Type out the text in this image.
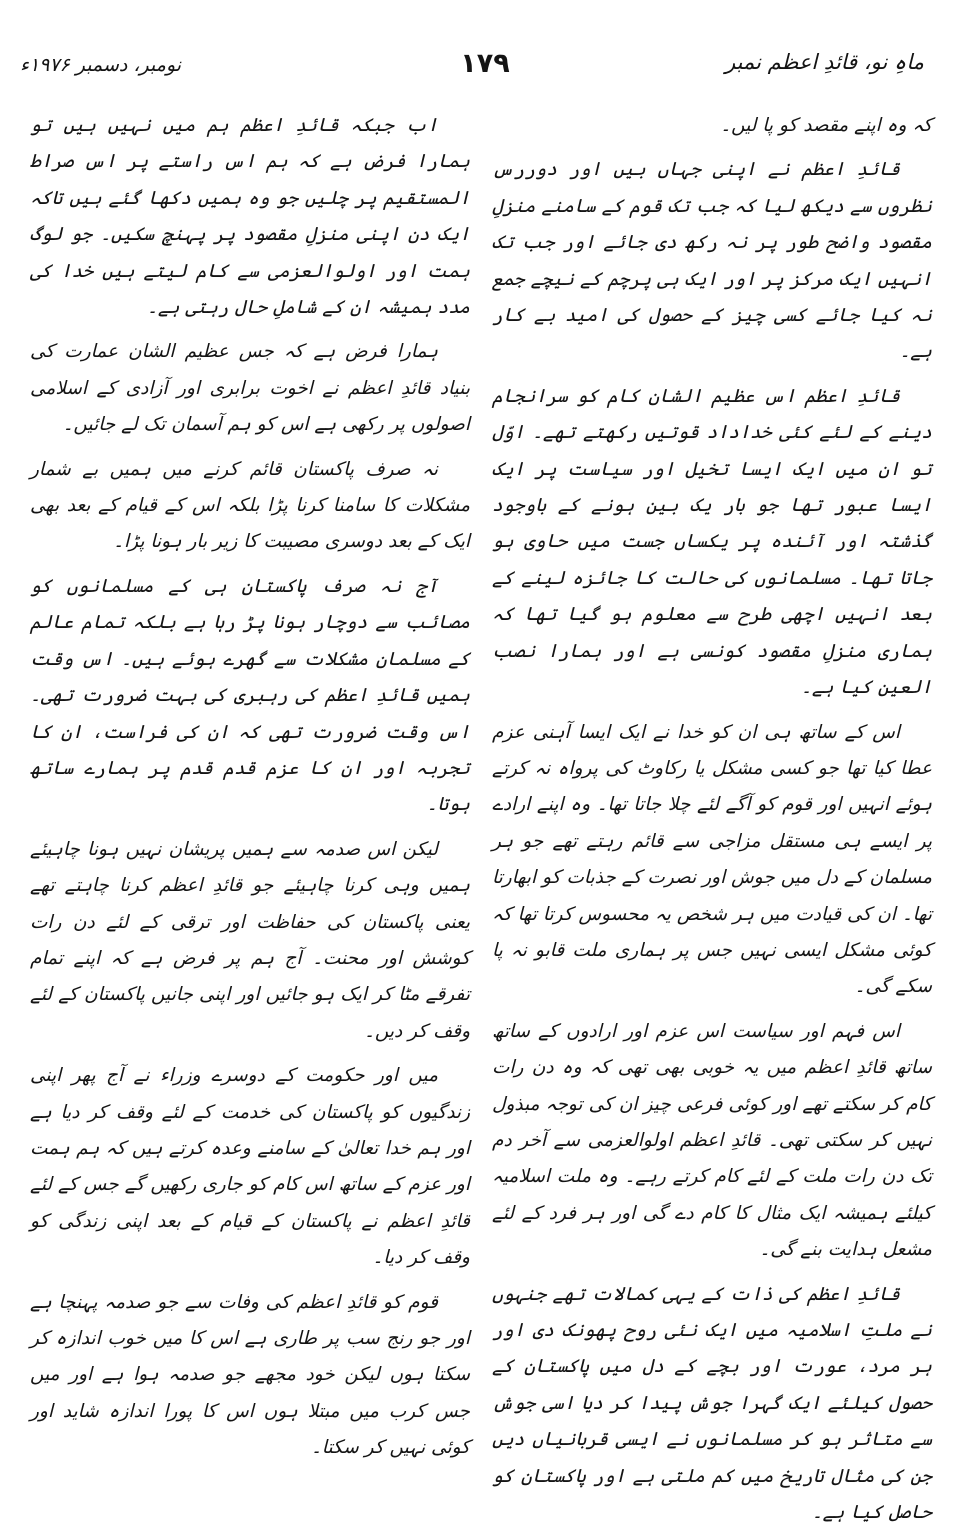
نومبر، دسمبر ۱۹۷۶ء	۱۷۹	ماہِ نو، قائدِ اعظم نمبر

کہ وہ اپنے مقصد کو پا لیں۔

قائدِ اعظم نے اپنی جہاں بیں اور دوررس نظروں سے دیکھ لیا کہ جب تک قوم کے سامنے منزلِ مقصود واضح طور پر نہ رکھ دی جائے اور جب تک انہیں ایک مرکز پر اور ایک ہی پرچم کے نیچے جمع نہ کیا جائے کسی چیز کے حصول کی امید بے کار ہے۔

قائدِ اعظم اس عظیم الشان کام کو سرانجام دینے کے لئے کئی خداداد قوتیں رکھتے تھے۔ اوّل تو ان میں ایک ایسا تخیل اور سیاست پر ایک ایسا عبور تھا جو بار یک بین ہونے کے باوجود گذشتہ اور آئندہ پر یکساں جست میں حاوی ہو جاتا تھا۔ مسلمانوں کی حالت کا جائزہ لینے کے بعد انہیں اچھی طرح سے معلوم ہو گیا تھا کہ ہماری منزلِ مقصود کونسی ہے اور ہمارا نصب العین کیا ہے۔

اس کے ساتھ ہی ان کو خدا نے ایک ایسا آہنی عزم عطا کیا تھا جو کسی مشکل یا رکاوٹ کی پرواہ نہ کرتے ہوئے انہیں اور قوم کو آگے لئے چلا جاتا تھا۔ وہ اپنے ارادے پر ایسے ہی مستقل مزاجی سے قائم رہتے تھے جو ہر مسلمان کے دل میں جوش اور نصرت کے جذبات کو ابھارتا تھا۔ ان کی قیادت میں ہر شخص یہ محسوس کرتا تھا کہ کوئی مشکل ایسی نہیں جس پر ہماری ملت قابو نہ پا سکے گی۔

اس فہم اور سیاست اس عزم اور ارادوں کے ساتھ ساتھ قائدِ اعظم میں یہ خوبی بھی تھی کہ وہ دن رات کام کر سکتے تھے اور کوئی فرعی چیز ان کی توجہ مبذول نہیں کر سکتی تھی۔ قائدِ اعظم اولوالعزمی سے آخر دم تک دن رات ملت کے لئے کام کرتے رہے۔ وہ ملت اسلامیہ کیلئے ہمیشہ ایک مثال کا کام دے گی اور ہر فرد کے لئے مشعل ہدایت بنے گی۔

قائدِ اعظم کی ذات کے یہی کمالات تھے جنہوں نے ملتِ اسلامیہ میں ایک نئی روح پھونک دی اور ہر مرد، عورت اور بچے کے دل میں پاکستان کے حصول کیلئے ایک گہرا جوش پیدا کر دیا اسی جوش سے متاثر ہو کر مسلمانوں نے ایسی قربانیاں دیں جن کی مثال تاریخ میں کم ملتی ہے اور پاکستان کو حاصل کیا ہے۔

اب جبکہ قائدِ اعظم ہم میں نہیں ہیں تو ہمارا فرض ہے کہ ہم اس راستے پر اس صراط المستقیم پر چلیں جو وہ ہمیں دکھا گئے ہیں تاکہ ایک دن اپنی منزلِ مقصود پر پہنچ سکیں۔ جو لوگ ہمت اور اولوالعزمی سے کام لیتے ہیں خدا کی مدد ہمیشہ ان کے شاملِ حال رہتی ہے۔

ہمارا فرض ہے کہ جس عظیم الشان عمارت کی بنیاد قائدِ اعظم نے اخوت برابری اور آزادی کے اسلامی اصولوں پر رکھی ہے اس کو ہم آسمان تک لے جائیں۔

نہ صرف پاکستان قائم کرنے میں ہمیں بے شمار مشکلات کا سامنا کرنا پڑا بلکہ اس کے قیام کے بعد بھی ایک کے بعد دوسری مصیبت کا زیر بار ہونا پڑا۔

آج نہ صرف پاکستان ہی کے مسلمانوں کو مصائب سے دوچار ہونا پڑ رہا ہے بلکہ تمام عالم کے مسلمان مشکلات سے گھرے ہوئے ہیں۔ اس وقت ہمیں قائدِ اعظم کی رہبری کی بہت ضرورت تھی۔ اس وقت ضرورت تھی کہ ان کی فراست، ان کا تجربہ اور ان کا عزم قدم قدم پر ہمارے ساتھ ہوتا۔

لیکن اس صدمہ سے ہمیں پریشان نہیں ہونا چاہیئے ہمیں وہی کرنا چاہیئے جو قائدِ اعظم کرنا چاہتے تھے یعنی پاکستان کی حفاظت اور ترقی کے لئے دن رات کوشش اور محنت۔ آج ہم پر فرض ہے کہ اپنے تمام تفرقے مٹا کر ایک ہو جائیں اور اپنی جانیں پاکستان کے لئے وقف کر دیں۔

میں اور حکومت کے دوسرے وزراء نے آج پھر اپنی زندگیوں کو پاکستان کی خدمت کے لئے وقف کر دیا ہے اور ہم خدا تعالیٰ کے سامنے وعدہ کرتے ہیں کہ ہم ہمت اور عزم کے ساتھ اس کام کو جاری رکھیں گے جس کے لئے قائدِ اعظم نے پاکستان کے قیام کے بعد اپنی زندگی کو وقف کر دیا۔

قوم کو قائدِ اعظم کی وفات سے جو صدمہ پہنچا ہے اور جو رنج سب پر طاری ہے اس کا میں خوب اندازہ کر سکتا ہوں لیکن خود مجھے جو صدمہ ہوا ہے اور میں جس کرب میں مبتلا ہوں اس کا پورا اندازہ شاید اور کوئی نہیں کر سکتا۔
